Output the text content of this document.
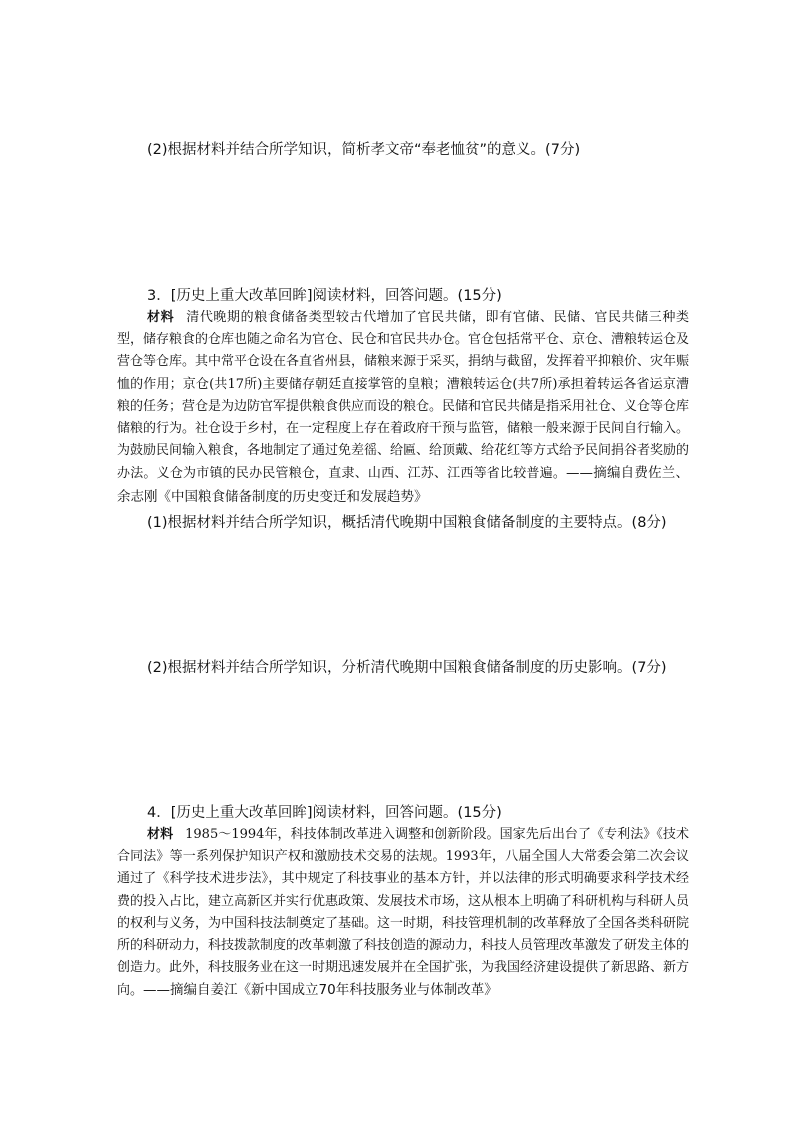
(2)根据材料并结合所学知识，简析孝文帝“奉老恤贫”的意义。(7分)
3．[历史上重大改革回眸]阅读材料，回答问题。(15分)
材料 清代晚期的粮食储备类型较古代增加了官民共储，即有官储、民储、官民共储三种类型，储存粮食的仓库也随之命名为官仓、民仓和官民共办仓。官仓包括常平仓、京仓、漕粮转运仓及营仓等仓库。其中常平仓设在各直省州县，储粮来源于采买，捐纳与截留，发挥着平抑粮价、灾年赈恤的作用；京仓(共17所)主要储存朝廷直接掌管的皇粮；漕粮转运仓(共7所)承担着转运各省运京漕粮的任务；营仓是为边防官军提供粮食供应而设的粮仓。民储和官民共储是指采用社仓、义仓等仓库储粮的行为。社仓设于乡村，在一定程度上存在着政府干预与监管，储粮一般来源于民间自行输入。为鼓励民间输入粮食，各地制定了通过免差徭、给匾、给顶戴、给花红等方式给予民间捐谷者奖励的办法。义仓为市镇的民办民管粮仓，直隶、山西、江苏、江西等省比较普遍。——摘编自费佐兰、余志刚《中国粮食储备制度的历史变迁和发展趋势》
(1)根据材料并结合所学知识，概括清代晚期中国粮食储备制度的主要特点。(8分)
(2)根据材料并结合所学知识，分析清代晚期中国粮食储备制度的历史影响。(7分)
4．[历史上重大改革回眸]阅读材料，回答问题。(15分)
材料 1985～1994年，科技体制改革进入调整和创新阶段。国家先后出台了《专利法》《技术合同法》等一系列保护知识产权和激励技术交易的法规。1993年，八届全国人大常委会第二次会议通过了《科学技术进步法》，其中规定了科技事业的基本方针，并以法律的形式明确要求科学技术经费的投入占比，建立高新区并实行优惠政策、发展技术市场，这从根本上明确了科研机构与科研人员的权利与义务，为中国科技法制奠定了基础。这一时期，科技管理机制的改革释放了全国各类科研院所的科研动力，科技拨款制度的改革刺激了科技创造的源动力，科技人员管理改革激发了研发主体的创造力。此外，科技服务业在这一时期迅速发展并在全国扩张，为我国经济建设提供了新思路、新方向。——摘编自姜江《新中国成立70年科技服务业与体制改革》
